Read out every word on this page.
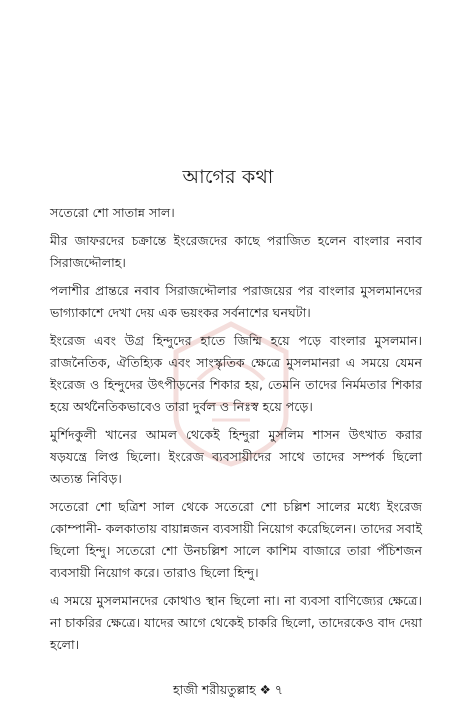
আগের কথা

সতেরো শো সাতান্ন সাল।

মীর জাফরদের চক্রান্তে ইংরেজদের কাছে পরাজিত হলেন বাংলার নবাব সিরাজদ্দৌলাহ।

পলাশীর প্রান্তরে নবাব সিরাজদ্দৌলার পরাজয়ের পর বাংলার মুসলমানদের ভাগ্যাকাশে দেখা দেয় এক ভয়ংকর সর্বনাশের ঘনঘটা।

ইংরেজ এবং উগ্র হিন্দুদের হাতে জিম্মি হয়ে পড়ে বাংলার মুসলমান। রাজনৈতিক, ঐতিহ্যিক এবং সাংস্কৃতিক ক্ষেত্রে মুসলমানরা এ সময়ে যেমন ইংরেজ ও হিন্দুদের উৎপীড়নের শিকার হয়, তেমনি তাদের নির্মমতার শিকার হয়ে অর্থনৈতিকভাবেও তারা দুর্বল ও নিঃস্ব হয়ে পড়ে।

মুর্শিদকুলী খানের আমল থেকেই হিন্দুরা মুসলিম শাসন উৎখাত করার ষড়যন্ত্রে লিপ্ত ছিলো। ইংরেজ ব্যবসায়ীদের সাথে তাদের সম্পর্ক ছিলো অত্যন্ত নিবিড়।

সতেরো শো ছত্রিশ সাল থেকে সতেরো শো চল্লিশ সালের মধ্যে ইংরেজ কোম্পানী- কলকাতায় বায়ান্নজন ব্যবসায়ী নিয়োগ করেছিলেন। তাদের সবাই ছিলো হিন্দু। সতেরো শো উনচল্লিশ সালে কাশিম বাজারে তারা পঁচিশজন ব্যবসায়ী নিয়োগ করে। তারাও ছিলো হিন্দু।

এ সময়ে মুসলমানদের কোথাও স্থান ছিলো না। না ব্যবসা বাণিজ্যের ক্ষেত্রে। না চাকরির ক্ষেত্রে। যাদের আগে থেকেই চাকরি ছিলো, তাদেরকেও বাদ দেয়া হলো।

হাজী শরীয়তুল্লাহ ❖ ৭
